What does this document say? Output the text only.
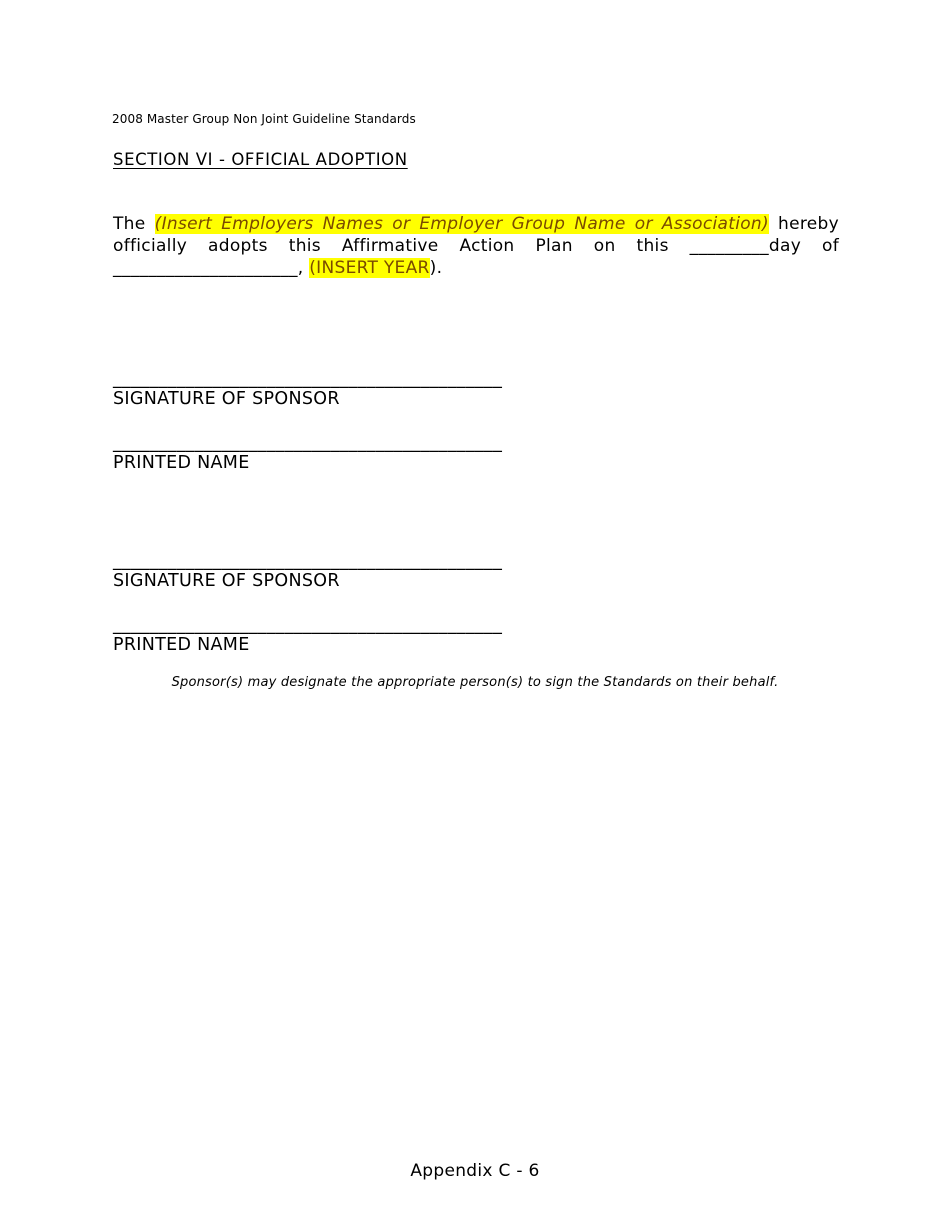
2008 Master Group Non Joint Guideline Standards
SECTION VI - OFFICIAL ADOPTION
The (Insert Employers Names or Employer Group Name or Association) hereby
officially adopts this Affirmative Action Plan on this _________day of
_____________________, (INSERT YEAR).
___________________________________________
SIGNATURE OF SPONSOR
___________________________________________
PRINTED NAME
___________________________________________
SIGNATURE OF SPONSOR
___________________________________________
PRINTED NAME
Sponsor(s) may designate the appropriate person(s) to sign the Standards on their behalf.
Appendix C - 6
